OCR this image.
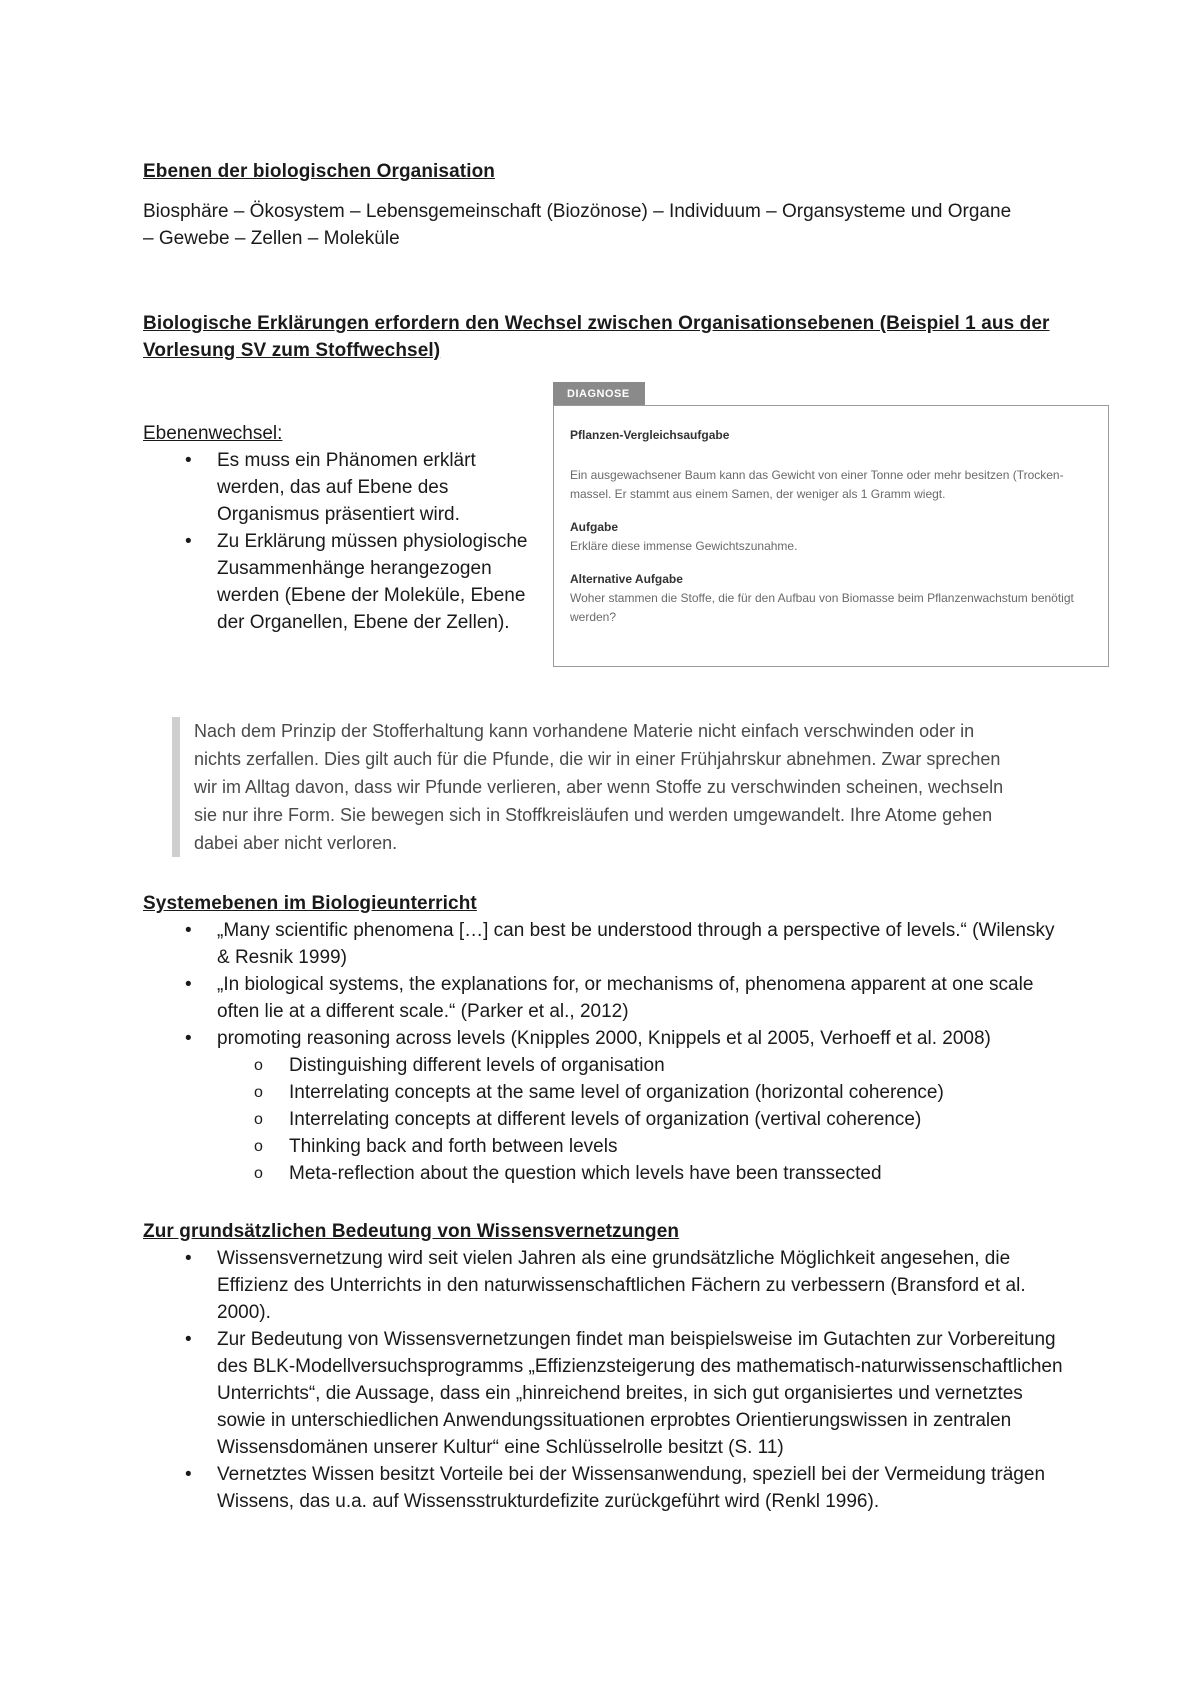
Ebenen der biologischen Organisation

Biosphäre – Ökosystem – Lebensgemeinschaft (Biozönose) – Individuum – Organsysteme und Organe – Gewebe – Zellen – Moleküle

Biologische Erklärungen erfordern den Wechsel zwischen Organisationsebenen (Beispiel 1 aus der Vorlesung SV zum Stoffwechsel)

Ebenenwechsel:

• Es muss ein Phänomen erklärt werden, das auf Ebene des Organismus präsentiert wird.
• Zu Erklärung müssen physiologische Zusammenhänge herangezogen werden (Ebene der Moleküle, Ebene der Organellen, Ebene der Zellen).
DIAGNOSE

Pflanzen-Vergleichsaufgabe

Ein ausgewachsener Baum kann das Gewicht von einer Tonne oder mehr besitzen (Trocken-massel. Er stammt aus einem Samen, der weniger als 1 Gramm wiegt.

Aufgabe

Erkläre diese immense Gewichtszunahme.

Alternative Aufgabe

Woher stammen die Stoffe, die für den Aufbau von Biomasse beim Pflanzenwachstum benötigt werden?

Nach dem Prinzip der Stofferhaltung kann vorhandene Materie nicht einfach verschwinden oder in nichts zerfallen. Dies gilt auch für die Pfunde, die wir in einer Frühjahrskur abnehmen. Zwar sprechen wir im Alltag davon, dass wir Pfunde verlieren, aber wenn Stoffe zu verschwinden scheinen, wechseln sie nur ihre Form. Sie bewegen sich in Stoffkreisläufen und werden umgewandelt. Ihre Atome gehen dabei aber nicht verloren.

Systemebenen im Biologieunterricht

• „Many scientific phenomena […] can best be understood through a perspective of levels.“ (Wilensky & Resnik 1999)
• „In biological systems, the explanations for, or mechanisms of, phenomena apparent at one scale often lie at a different scale.“ (Parker et al., 2012)
• promoting reasoning across levels (Knipples 2000, Knippels et al 2005, Verhoeff et al. 2008)
o Distinguishing different levels of organisation
o Interrelating concepts at the same level of organization (horizontal coherence)
o Interrelating concepts at different levels of organization (vertival coherence)
o Thinking back and forth between levels
o Meta-reflection about the question which levels have been transsected

Zur grundsätzlichen Bedeutung von Wissensvernetzungen

• Wissensvernetzung wird seit vielen Jahren als eine grundsätzliche Möglichkeit angesehen, die Effizienz des Unterrichts in den naturwissenschaftlichen Fächern zu verbessern (Bransford et al. 2000).
• Zur Bedeutung von Wissensvernetzungen findet man beispielsweise im Gutachten zur Vorbereitung des BLK-Modellversuchsprogramms „Effizienzsteigerung des mathematisch-naturwissenschaftlichen Unterrichts“, die Aussage, dass ein „hinreichend breites, in sich gut organisiertes und vernetztes sowie in unterschiedlichen Anwendungssituationen erprobtes Orientierungswissen in zentralen Wissensdomänen unserer Kultur“ eine Schlüsselrolle besitzt (S. 11)
• Vernetztes Wissen besitzt Vorteile bei der Wissensanwendung, speziell bei der Vermeidung trägen Wissens, das u.a. auf Wissensstrukturdefizite zurückgeführt wird (Renkl 1996).
